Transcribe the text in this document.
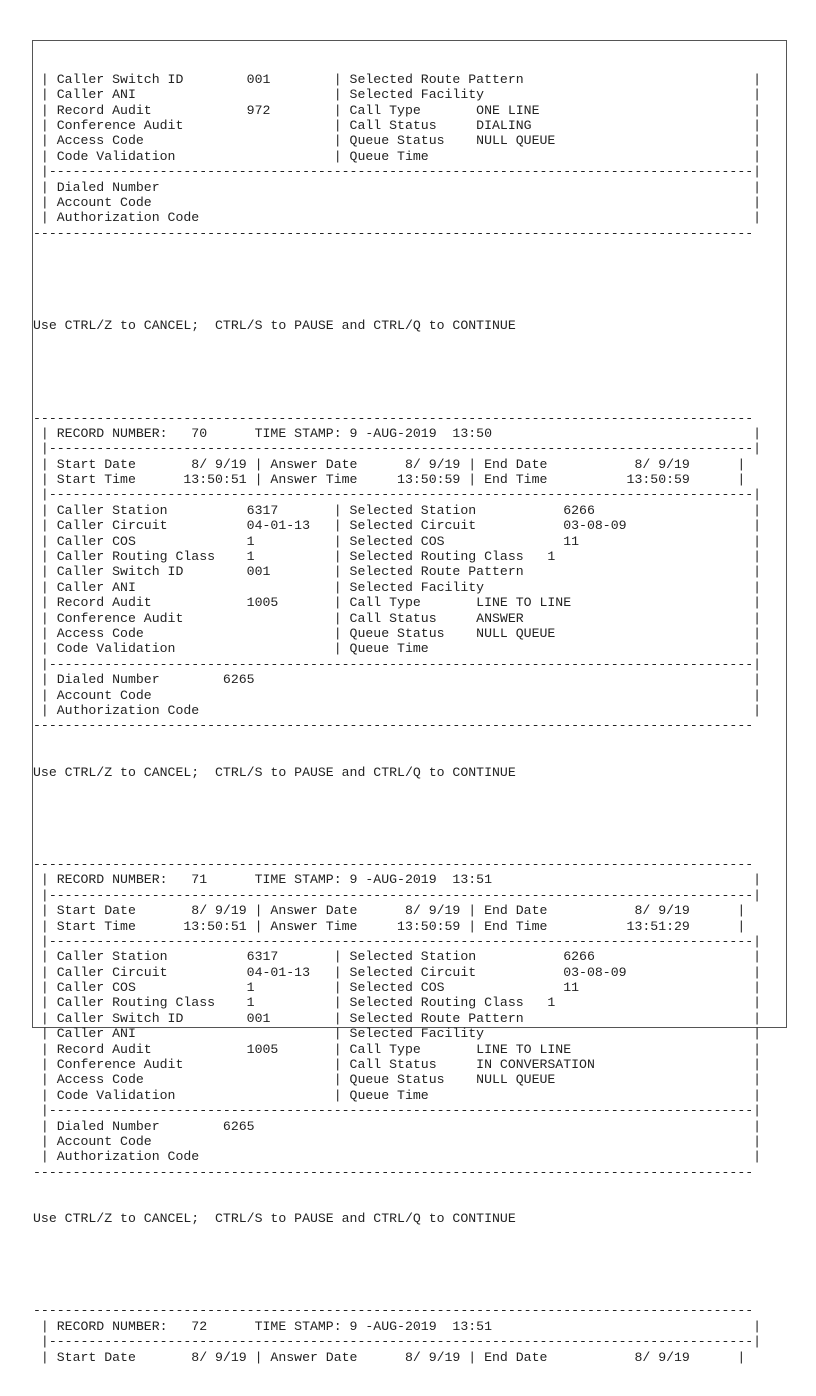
| Caller Switch ID        001        | Selected Route Pattern                             |
| Caller ANI                         | Selected Facility                                  |
| Record Audit            972        | Call Type       ONE LINE                           |
| Conference Audit                   | Call Status     DIALING                            |
| Access Code                        | Queue Status    NULL QUEUE                         |
| Code Validation                    | Queue Time                                         |
|-----------------------------------------------------------------------------------------|
| Dialed Number                                                                           |
| Account Code                                                                            |
| Authorization Code                                                                      |
-------------------------------------------------------------------------------------------

Use CTRL/Z to CANCEL;  CTRL/S to PAUSE and CTRL/Q to CONTINUE

-------------------------------------------------------------------------------------------
| RECORD NUMBER:   70      TIME STAMP: 9 -AUG-2019  13:50                                 |
|-----------------------------------------------------------------------------------------|
| Start Date       8/ 9/19 | Answer Date      8/ 9/19 | End Date           8/ 9/19      |
| Start Time      13:50:51 | Answer Time     13:50:59 | End Time          13:50:59      |
|-----------------------------------------------------------------------------------------|
| Caller Station          6317       | Selected Station           6266                    |
| Caller Circuit          04-01-13   | Selected Circuit           03-08-09                |
| Caller COS              1          | Selected COS               11                      |
| Caller Routing Class    1          | Selected Routing Class   1                         |
| Caller Switch ID        001        | Selected Route Pattern                             |
| Caller ANI                         | Selected Facility                                  |
| Record Audit            1005       | Call Type       LINE TO LINE                       |
| Conference Audit                   | Call Status     ANSWER                             |
| Access Code                        | Queue Status    NULL QUEUE                         |
| Code Validation                    | Queue Time                                         |
|-----------------------------------------------------------------------------------------|
| Dialed Number        6265                                                               |
| Account Code                                                                            |
| Authorization Code                                                                      |
-------------------------------------------------------------------------------------------

Use CTRL/Z to CANCEL;  CTRL/S to PAUSE and CTRL/Q to CONTINUE

-------------------------------------------------------------------------------------------
| RECORD NUMBER:   71      TIME STAMP: 9 -AUG-2019  13:51                                 |
|-----------------------------------------------------------------------------------------|
| Start Date       8/ 9/19 | Answer Date      8/ 9/19 | End Date           8/ 9/19      |
| Start Time      13:50:51 | Answer Time     13:50:59 | End Time          13:51:29      |
|-----------------------------------------------------------------------------------------|
| Caller Station          6317       | Selected Station           6266                    |
| Caller Circuit          04-01-13   | Selected Circuit           03-08-09                |
| Caller COS              1          | Selected COS               11                      |
| Caller Routing Class    1          | Selected Routing Class   1                         |
| Caller Switch ID        001        | Selected Route Pattern                             |
| Caller ANI                         | Selected Facility                                  |
| Record Audit            1005       | Call Type       LINE TO LINE                       |
| Conference Audit                   | Call Status     IN CONVERSATION                    |
| Access Code                        | Queue Status    NULL QUEUE                         |
| Code Validation                    | Queue Time                                         |
|-----------------------------------------------------------------------------------------|
| Dialed Number        6265                                                               |
| Account Code                                                                            |
| Authorization Code                                                                      |
-------------------------------------------------------------------------------------------

Use CTRL/Z to CANCEL;  CTRL/S to PAUSE and CTRL/Q to CONTINUE

-------------------------------------------------------------------------------------------
| RECORD NUMBER:   72      TIME STAMP: 9 -AUG-2019  13:51                                 |
|-----------------------------------------------------------------------------------------|
| Start Date       8/ 9/19 | Answer Date      8/ 9/19 | End Date           8/ 9/19      |
